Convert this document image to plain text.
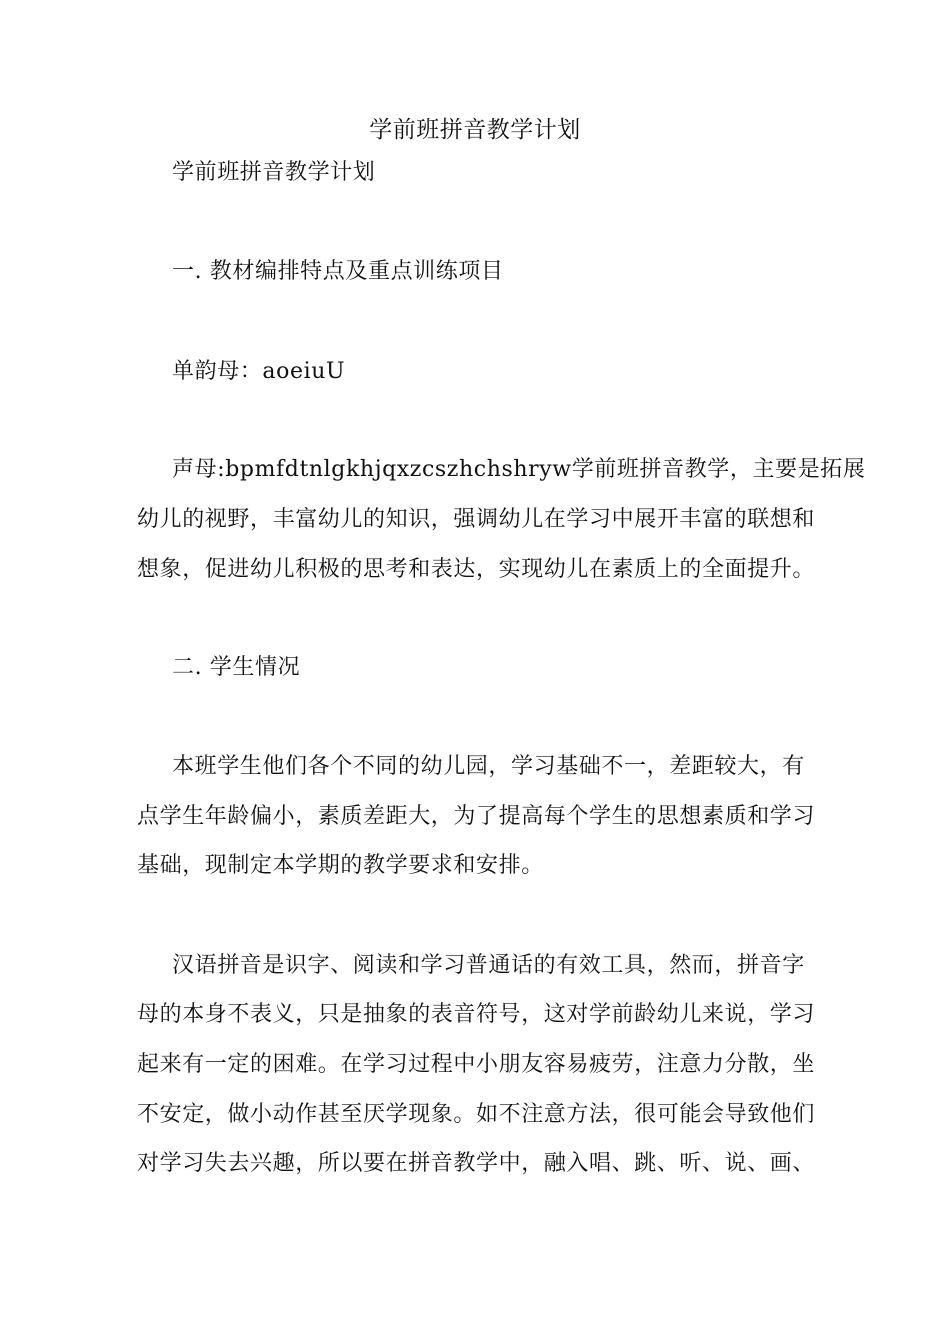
学前班拼音教学计划
学前班拼音教学计划
一. 教材编排特点及重点训练项目
单韵母：aoeiuU
声母:bpmfdtnlgkhjqxzcszhchshryw学前班拼音教学，主要是拓展
幼儿的视野，丰富幼儿的知识，强调幼儿在学习中展开丰富的联想和
想象，促进幼儿积极的思考和表达，实现幼儿在素质上的全面提升。
二. 学生情况
本班学生他们各个不同的幼儿园，学习基础不一，差距较大，有
点学生年龄偏小，素质差距大，为了提高每个学生的思想素质和学习
基础，现制定本学期的教学要求和安排。
汉语拼音是识字、阅读和学习普通话的有效工具，然而，拼音字
母的本身不表义，只是抽象的表音符号，这对学前龄幼儿来说，学习
起来有一定的困难。在学习过程中小朋友容易疲劳，注意力分散，坐
不安定，做小动作甚至厌学现象。如不注意方法，很可能会导致他们
对学习失去兴趣，所以要在拼音教学中，融入唱、跳、听、说、画、
